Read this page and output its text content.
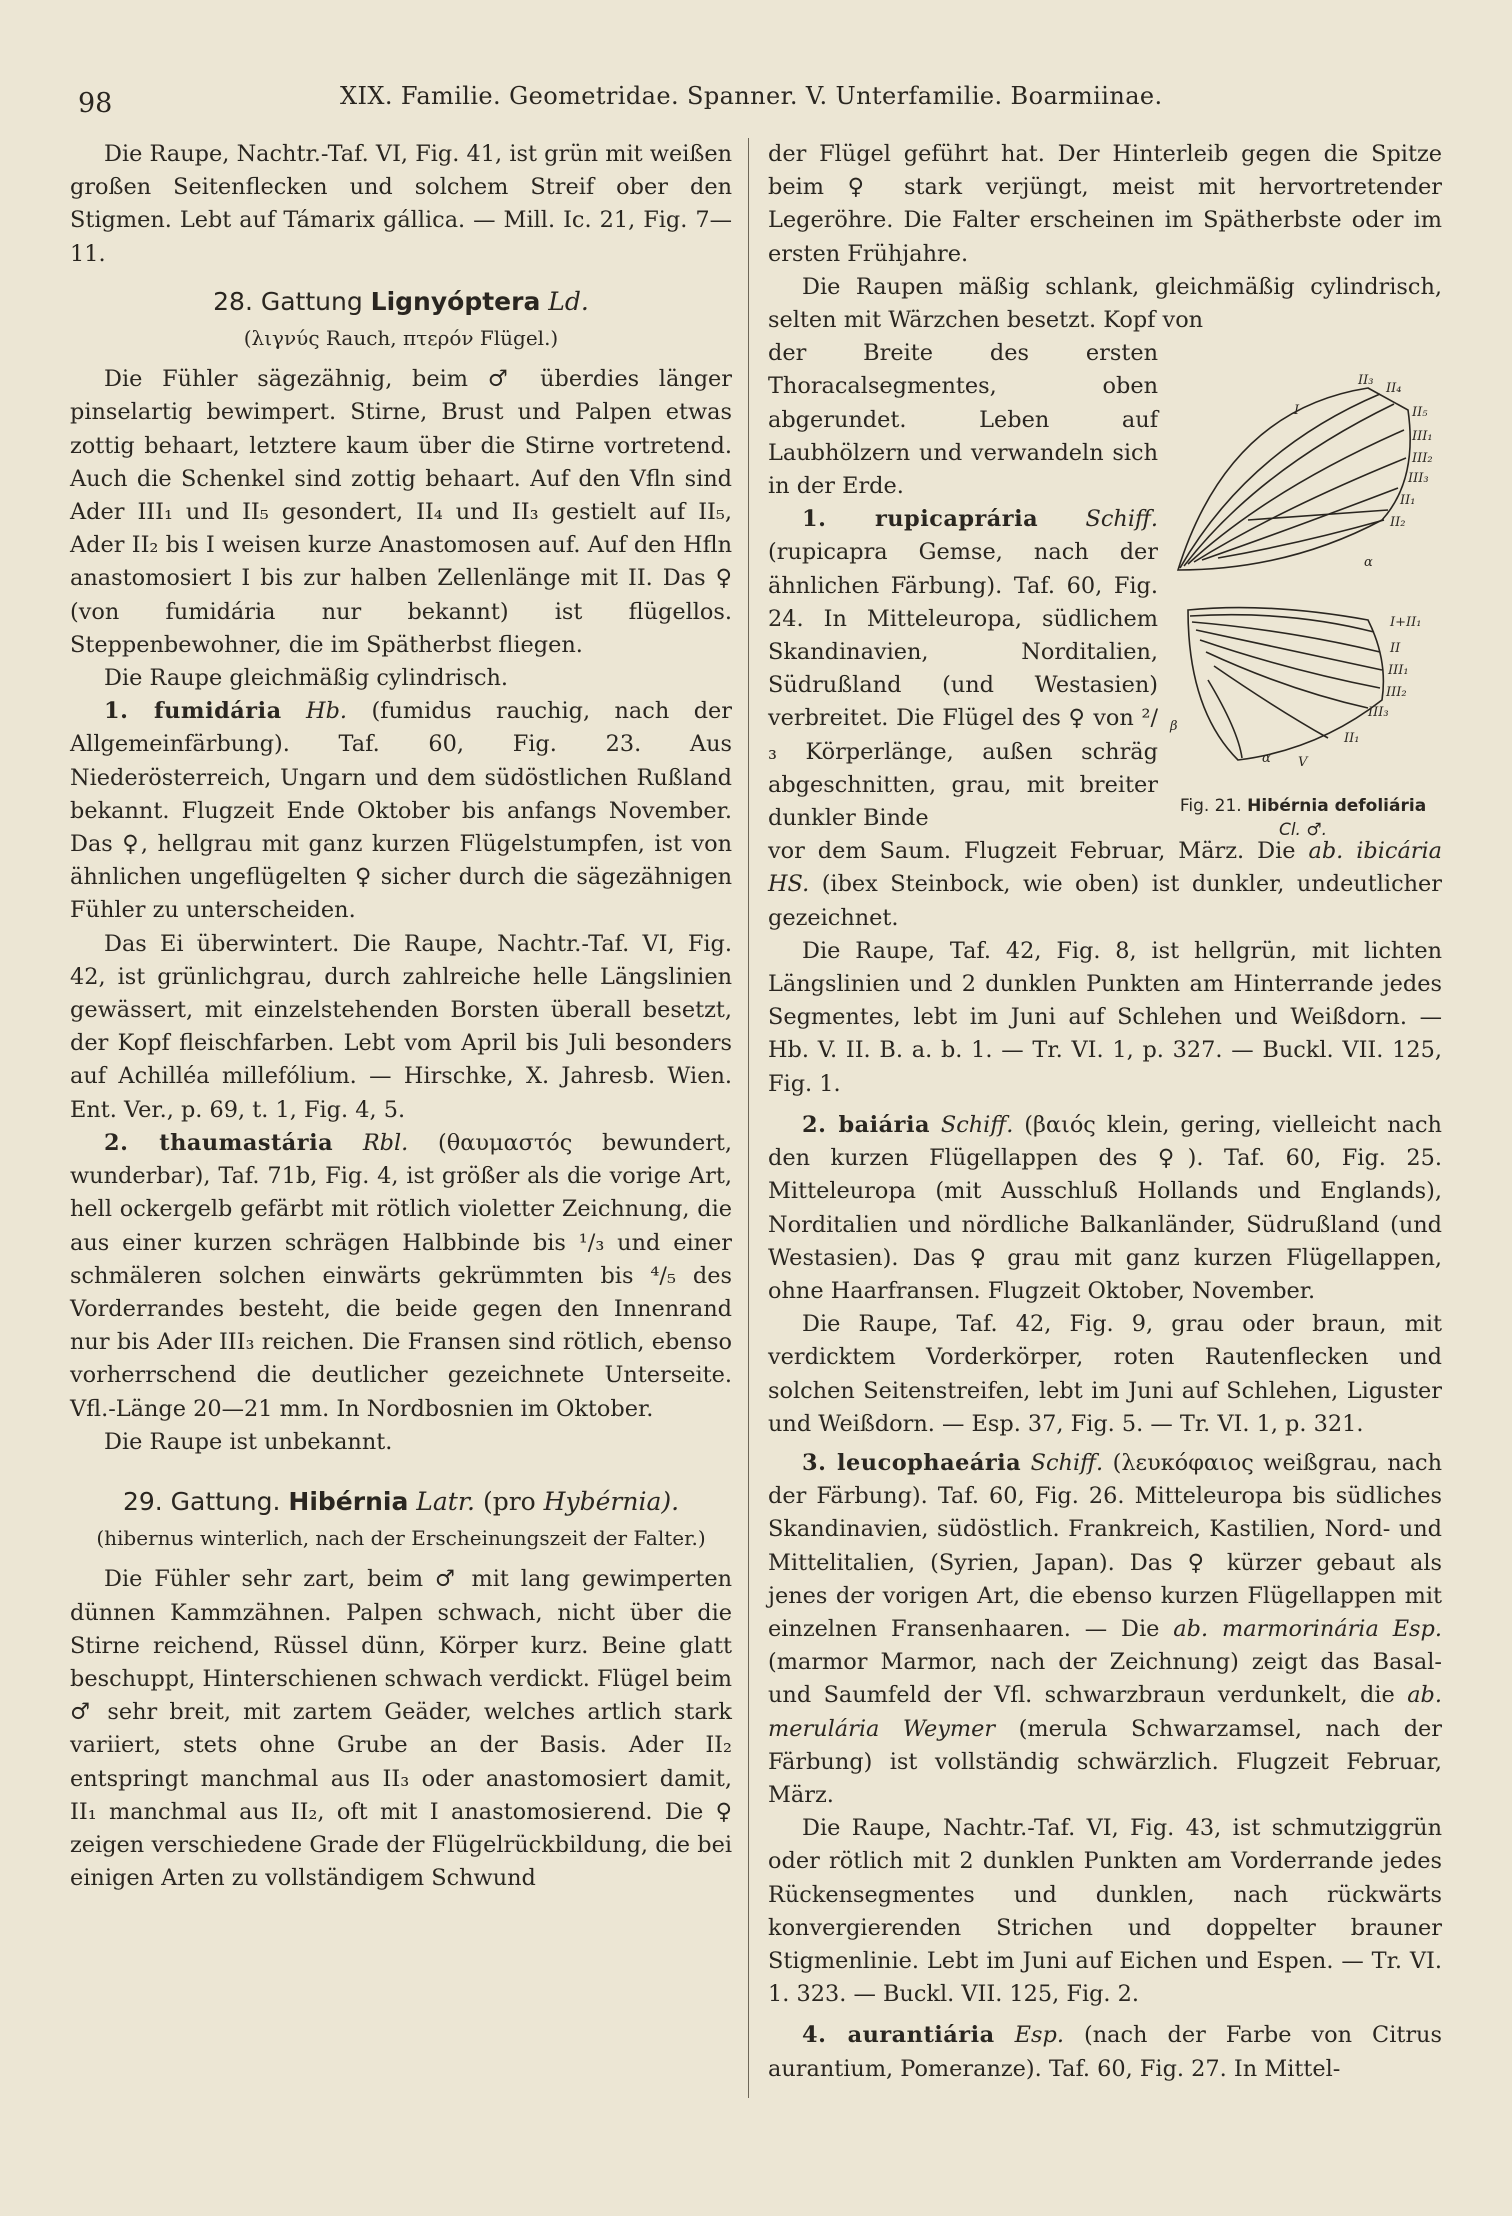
98	XIX. Familie. Geometridae. Spanner. V. Unterfamilie. Boarmiinae.

Die Raupe, Nachtr.-Taf. VI, Fig. 41, ist grün mit weißen großen Seitenflecken und solchem Streif ober den Stigmen. Lebt auf Támarix gállica. — Mill. Ic. 21, Fig. 7—11.

28. Gattung Lignyóptera Ld.
(λιγνύς Rauch, πτερόν Flügel.)

Die Fühler sägezähnig, beim ♂ überdies länger pinselartig bewimpert. Stirne, Brust und Palpen etwas zottig behaart, letztere kaum über die Stirne vortretend. Auch die Schenkel sind zottig behaart. Auf den Vfln sind Ader III₁ und II₅ gesondert, II₄ und II₃ gestielt auf II₅, Ader II₂ bis I weisen kurze Anastomosen auf. Auf den Hfln anastomosiert I bis zur halben Zellenlänge mit II. Das ♀ (von fumidária nur bekannt) ist flügellos. Steppenbewohner, die im Spätherbst fliegen.

Die Raupe gleichmäßig cylindrisch.

1. fumidária Hb. (fumidus rauchig, nach der Allgemeinfärbung). Taf. 60, Fig. 23. Aus Niederösterreich, Ungarn und dem südöstlichen Rußland bekannt. Flugzeit Ende Oktober bis anfangs November. Das ♀, hellgrau mit ganz kurzen Flügelstumpfen, ist von ähnlichen ungeflügelten ♀ sicher durch die sägezähnigen Fühler zu unterscheiden.

Das Ei überwintert. Die Raupe, Nachtr.-Taf. VI, Fig. 42, ist grünlichgrau, durch zahlreiche helle Längslinien gewässert, mit einzelstehenden Borsten überall besetzt, der Kopf fleischfarben. Lebt vom April bis Juli besonders auf Achilléa millefólium. — Hirschke, X. Jahresb. Wien. Ent. Ver., p. 69, t. 1, Fig. 4, 5.

2. thaumastária Rbl. (θαυμαστός bewundert, wunderbar), Taf. 71b, Fig. 4, ist größer als die vorige Art, hell ockergelb gefärbt mit rötlich violetter Zeichnung, die aus einer kurzen schrägen Halbbinde bis ¹/₃ und einer schmäleren solchen einwärts gekrümmten bis ⁴/₅ des Vorderrandes besteht, die beide gegen den Innenrand nur bis Ader III₃ reichen. Die Fransen sind rötlich, ebenso vorherrschend die deutlicher gezeichnete Unterseite. Vfl.-Länge 20—21 mm. In Nordbosnien im Oktober.

Die Raupe ist unbekannt.

29. Gattung. Hibérnia Latr. (pro Hybérnia).
(hibernus winterlich, nach der Erscheinungszeit der Falter.)

Die Fühler sehr zart, beim ♂ mit lang gewimperten dünnen Kammzähnen. Palpen schwach, nicht über die Stirne reichend, Rüssel dünn, Körper kurz. Beine glatt beschuppt, Hinterschienen schwach verdickt. Flügel beim ♂ sehr breit, mit zartem Geäder, welches artlich stark variiert, stets ohne Grube an der Basis. Ader II₂ entspringt manchmal aus II₃ oder anastomosiert damit, II₁ manchmal aus II₂, oft mit I anastomosierend. Die ♀ zeigen verschiedene Grade der Flügelrückbildung, die bei einigen Arten zu vollständigem Schwund

der Flügel geführt hat. Der Hinterleib gegen die Spitze beim ♀ stark verjüngt, meist mit hervortretender Legeröhre. Die Falter erscheinen im Spätherbste oder im ersten Frühjahre.

Die Raupen mäßig schlank, gleichmäßig cylindrisch, selten mit Wärzchen besetzt. Kopf von

der Breite des ersten Thoracalsegmentes, oben abgerundet. Leben auf Laubhölzern und verwandeln sich in der Erde.

1. rupicaprária Schiff. (rupicapra Gemse, nach der ähnlichen Färbung). Taf. 60, Fig. 24. In Mitteleuropa, südlichem Skandinavien, Norditalien, Südrußland (und Westasien) verbreitet. Die Flügel des ♀ von ²/₃ Körperlänge, außen schräg abgeschnitten, grau, mit breiter dunkler Binde

vor dem Saum. Flugzeit Februar, März. Die ab. ibicária HS. (ibex Steinbock, wie oben) ist dunkler, undeutlicher gezeichnet.

Die Raupe, Taf. 42, Fig. 8, ist hellgrün, mit lichten Längslinien und 2 dunklen Punkten am Hinterrande jedes Segmentes, lebt im Juni auf Schlehen und Weißdorn. — Hb. V. II. B. a. b. 1. — Tr. VI. 1, p. 327. — Buckl. VII. 125, Fig. 1.

2. baiária Schiff. (βαιός klein, gering, vielleicht nach den kurzen Flügellappen des ♀). Taf. 60, Fig. 25. Mitteleuropa (mit Ausschluß Hollands und Englands), Norditalien und nördliche Balkanländer, Südrußland (und Westasien). Das ♀ grau mit ganz kurzen Flügellappen, ohne Haarfransen. Flugzeit Oktober, November.

Die Raupe, Taf. 42, Fig. 9, grau oder braun, mit verdicktem Vorderkörper, roten Rautenflecken und solchen Seitenstreifen, lebt im Juni auf Schlehen, Liguster und Weißdorn. — Esp. 37, Fig. 5. — Tr. VI. 1, p. 321.

3. leucophaeária Schiff. (λευκόφαιος weißgrau, nach der Färbung). Taf. 60, Fig. 26. Mitteleuropa bis südliches Skandinavien, südöstlich. Frankreich, Kastilien, Nord- und Mittelitalien, (Syrien, Japan). Das ♀ kürzer gebaut als jenes der vorigen Art, die ebenso kurzen Flügellappen mit einzelnen Fransenhaaren. — Die ab. marmorinária Esp. (marmor Marmor, nach der Zeichnung) zeigt das Basal- und Saumfeld der Vfl. schwarzbraun verdunkelt, die ab. merulária Weymer (merula Schwarzamsel, nach der Färbung) ist vollständig schwärzlich. Flugzeit Februar, März.

Die Raupe, Nachtr.-Taf. VI, Fig. 43, ist schmutziggrün oder rötlich mit 2 dunklen Punkten am Vorderrande jedes Rückensegmentes und dunklen, nach rückwärts konvergierenden Strichen und doppelter brauner Stigmenlinie. Lebt im Juni auf Eichen und Espen. — Tr. VI. 1. 323. — Buckl. VII. 125, Fig. 2.

4. aurantiária Esp. (nach der Farbe von Citrus aurantium, Pomeranze). Taf. 60, Fig. 27. In Mittel-

II₃
II₄
II₅
III₁
III₂
III₃
II₁
II₂
I
α
I+II₁
II
III₁
III₂
III₃
II₁
α V
β
Fig. 21. Hibérnia defoliária Cl. ♂.
